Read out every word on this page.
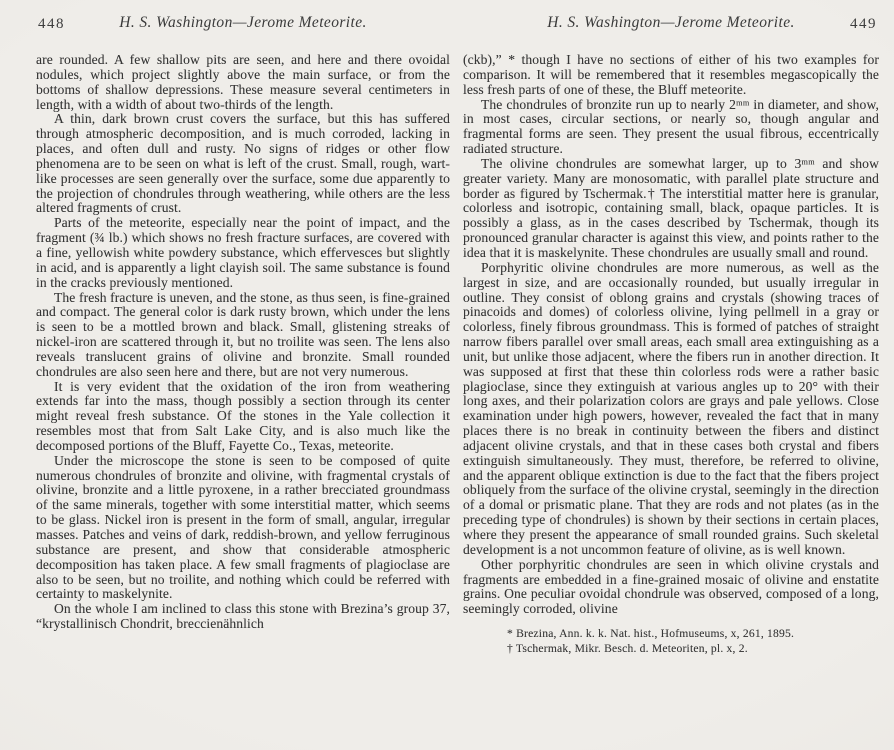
448	H. S. Washington—Jerome Meteorite.

are rounded. A few shallow pits are seen, and here and there ovoidal nodules, which project slightly above the main surface, or from the bottoms of shallow depressions. These measure several centimeters in length, with a width of about two-thirds of the length.

A thin, dark brown crust covers the surface, but this has suffered through atmospheric decomposition, and is much corroded, lacking in places, and often dull and rusty. No signs of ridges or other flow phenomena are to be seen on what is left of the crust. Small, rough, wart-like processes are seen generally over the surface, some due apparently to the projection of chondrules through weathering, while others are the less altered fragments of crust.

Parts of the meteorite, especially near the point of impact, and the fragment (¾ lb.) which shows no fresh fracture surfaces, are covered with a fine, yellowish white powdery substance, which effervesces but slightly in acid, and is apparently a light clayish soil. The same substance is found in the cracks previously mentioned.

The fresh fracture is uneven, and the stone, as thus seen, is fine-grained and compact. The general color is dark rusty brown, which under the lens is seen to be a mottled brown and black. Small, glistening streaks of nickel-iron are scattered through it, but no troilite was seen. The lens also reveals translucent grains of olivine and bronzite. Small rounded chondrules are also seen here and there, but are not very numerous.

It is very evident that the oxidation of the iron from weathering extends far into the mass, though possibly a section through its center might reveal fresh substance. Of the stones in the Yale collection it resembles most that from Salt Lake City, and is also much like the decomposed portions of the Bluff, Fayette Co., Texas, meteorite.

Under the microscope the stone is seen to be composed of quite numerous chondrules of bronzite and olivine, with fragmental crystals of olivine, bronzite and a little pyroxene, in a rather brecciated groundmass of the same minerals, together with some interstitial matter, which seems to be glass. Nickel iron is present in the form of small, angular, irregular masses. Patches and veins of dark, reddish-brown, and yellow ferruginous substance are present, and show that considerable atmospheric decomposition has taken place. A few small fragments of plagioclase are also to be seen, but no troilite, and nothing which could be referred with certainty to maskelynite.

On the whole I am inclined to class this stone with Brezina’s group 37, “krystallinisch Chondrit, breccienähnlich

449
H. S. Washington—Jerome Meteorite.

(ckb),” * though I have no sections of either of his two examples for comparison. It will be remembered that it resembles megascopically the less fresh parts of one of these, the Bluff meteorite.

The chondrules of bronzite run up to nearly 2ᵐᵐ in diameter, and show, in most cases, circular sections, or nearly so, though angular and fragmental forms are seen. They present the usual fibrous, eccentrically radiated structure.

The olivine chondrules are somewhat larger, up to 3ᵐᵐ and show greater variety. Many are monosomatic, with parallel plate structure and border as figured by Tschermak.† The interstitial matter here is granular, colorless and isotropic, containing small, black, opaque particles. It is possibly a glass, as in the cases described by Tschermak, though its pronounced granular character is against this view, and points rather to the idea that it is maskelynite. These chondrules are usually small and round.

Porphyritic olivine chondrules are more numerous, as well as the largest in size, and are occasionally rounded, but usually irregular in outline. They consist of oblong grains and crystals (showing traces of pinacoids and domes) of colorless olivine, lying pellmell in a gray or colorless, finely fibrous groundmass. This is formed of patches of straight narrow fibers parallel over small areas, each small area extinguishing as a unit, but unlike those adjacent, where the fibers run in another direction. It was supposed at first that these thin colorless rods were a rather basic plagioclase, since they extinguish at various angles up to 20° with their long axes, and their polarization colors are grays and pale yellows. Close examination under high powers, however, revealed the fact that in many places there is no break in continuity between the fibers and distinct adjacent olivine crystals, and that in these cases both crystal and fibers extinguish simultaneously. They must, therefore, be referred to olivine, and the apparent oblique extinction is due to the fact that the fibers project obliquely from the surface of the olivine crystal, seemingly in the direction of a domal or prismatic plane. That they are rods and not plates (as in the preceding type of chondrules) is shown by their sections in certain places, where they present the appearance of small rounded grains. Such skeletal development is a not uncommon feature of olivine, as is well known.

Other porphyritic chondrules are seen in which olivine crystals and fragments are embedded in a fine-grained mosaic of olivine and enstatite grains. One peculiar ovoidal chondrule was observed, composed of a long, seemingly corroded, olivine

* Brezina, Ann. k. k. Nat. hist., Hofmuseums, x, 261, 1895.
† Tschermak, Mikr. Besch. d. Meteoriten, pl. x, 2.
